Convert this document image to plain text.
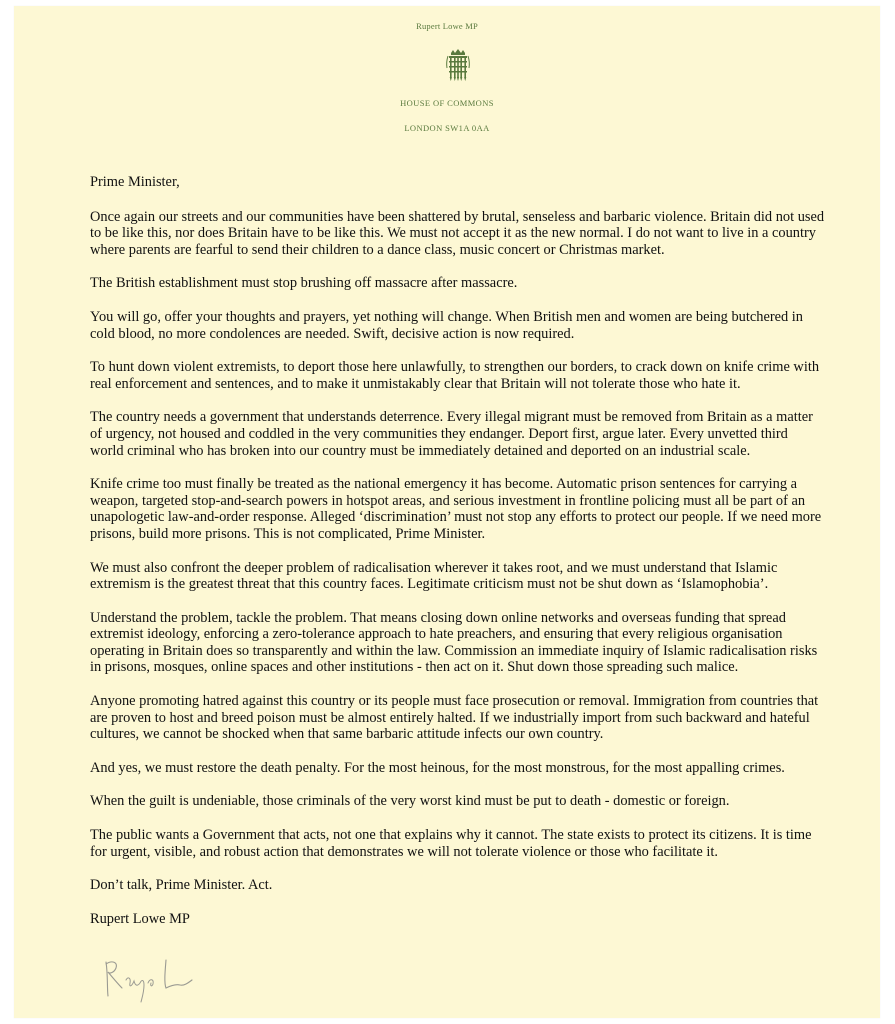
Rupert Lowe MP
HOUSE OF COMMONS
LONDON SW1A 0AA

Prime Minister,

Once again our streets and our communities have been shattered by brutal, senseless and barbaric violence. Britain did not used to be like this, nor does Britain have to be like this. We must not accept it as the new normal. I do not want to live in a country where parents are fearful to send their children to a dance class, music concert or Christmas market.

The British establishment must stop brushing off massacre after massacre.

You will go, offer your thoughts and prayers, yet nothing will change. When British men and women are being butchered in cold blood, no more condolences are needed. Swift, decisive action is now required.

To hunt down violent extremists, to deport those here unlawfully, to strengthen our borders, to crack down on knife crime with real enforcement and sentences, and to make it unmistakably clear that Britain will not tolerate those who hate it.

The country needs a government that understands deterrence. Every illegal migrant must be removed from Britain as a matter of urgency, not housed and coddled in the very communities they endanger. Deport first, argue later. Every unvetted third world criminal who has broken into our country must be immediately detained and deported on an industrial scale.

Knife crime too must finally be treated as the national emergency it has become. Automatic prison sentences for carrying a weapon, targeted stop-and-search powers in hotspot areas, and serious investment in frontline policing must all be part of an unapologetic law-and-order response. Alleged ‘discrimination’ must not stop any efforts to protect our people. If we need more prisons, build more prisons. This is not complicated, Prime Minister.

We must also confront the deeper problem of radicalisation wherever it takes root, and we must understand that Islamic extremism is the greatest threat that this country faces. Legitimate criticism must not be shut down as ‘Islamophobia’.

Understand the problem, tackle the problem. That means closing down online networks and overseas funding that spread extremist ideology, enforcing a zero-tolerance approach to hate preachers, and ensuring that every religious organisation operating in Britain does so transparently and within the law. Commission an immediate inquiry of Islamic radicalisation risks in prisons, mosques, online spaces and other institutions - then act on it. Shut down those spreading such malice.

Anyone promoting hatred against this country or its people must face prosecution or removal. Immigration from countries that are proven to host and breed poison must be almost entirely halted. If we industrially import from such backward and hateful cultures, we cannot be shocked when that same barbaric attitude infects our own country.

And yes, we must restore the death penalty. For the most heinous, for the most monstrous, for the most appalling crimes.

When the guilt is undeniable, those criminals of the very worst kind must be put to death - domestic or foreign.

The public wants a Government that acts, not one that explains why it cannot. The state exists to protect its citizens. It is time for urgent, visible, and robust action that demonstrates we will not tolerate violence or those who facilitate it.

Don’t talk, Prime Minister. Act.

Rupert Lowe MP
